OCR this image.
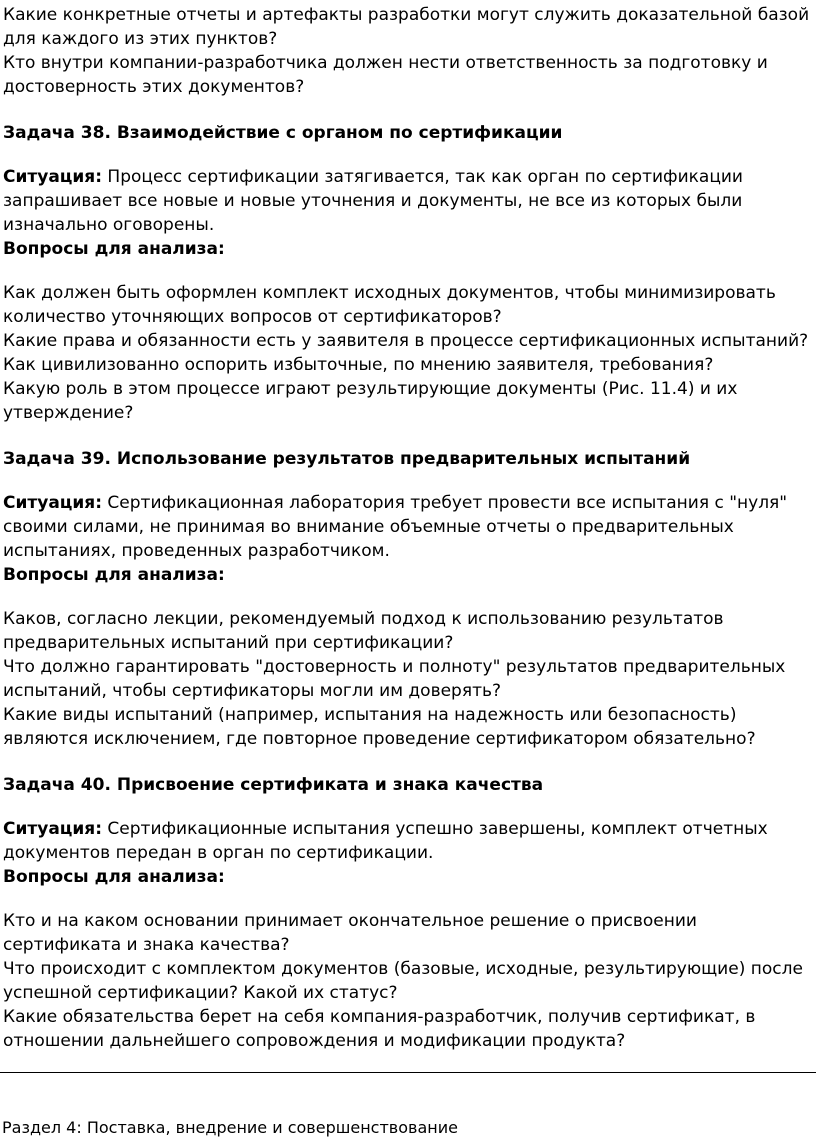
Какие конкретные отчеты и артефакты разработки могут служить доказательной базой для каждого из этих пунктов?

Кто внутри компании-разработчика должен нести ответственность за подготовку и достоверность этих документов?

Задача 38. Взаимодействие с органом по сертификации

Ситуация: Процесс сертификации затягивается, так как орган по сертификации запрашивает все новые и новые уточнения и документы, не все из которых были изначально оговорены.

Вопросы для анализа:

Как должен быть оформлен комплект исходных документов, чтобы минимизировать количество уточняющих вопросов от сертификаторов?

Какие права и обязанности есть у заявителя в процессе сертификационных испытаний? Как цивилизованно оспорить избыточные, по мнению заявителя, требования?

Какую роль в этом процессе играют результирующие документы (Рис. 11.4) и их утверждение?

Задача 39. Использование результатов предварительных испытаний

Ситуация: Сертификационная лаборатория требует провести все испытания с "нуля" своими силами, не принимая во внимание объемные отчеты о предварительных испытаниях, проведенных разработчиком.

Вопросы для анализа:

Каков, согласно лекции, рекомендуемый подход к использованию результатов предварительных испытаний при сертификации?

Что должно гарантировать "достоверность и полноту" результатов предварительных испытаний, чтобы сертификаторы могли им доверять?

Какие виды испытаний (например, испытания на надежность или безопасность) являются исключением, где повторное проведение сертификатором обязательно?

Задача 40. Присвоение сертификата и знака качества

Ситуация: Сертификационные испытания успешно завершены, комплект отчетных документов передан в орган по сертификации.

Вопросы для анализа:

Кто и на каком основании принимает окончательное решение о присвоении сертификата и знака качества?

Что происходит с комплектом документов (базовые, исходные, результирующие) после успешной сертификации? Какой их статус?

Какие обязательства берет на себя компания-разработчик, получив сертификат, в отношении дальнейшего сопровождения и модификации продукта?

Раздел 4: Поставка, внедрение и совершенствование
